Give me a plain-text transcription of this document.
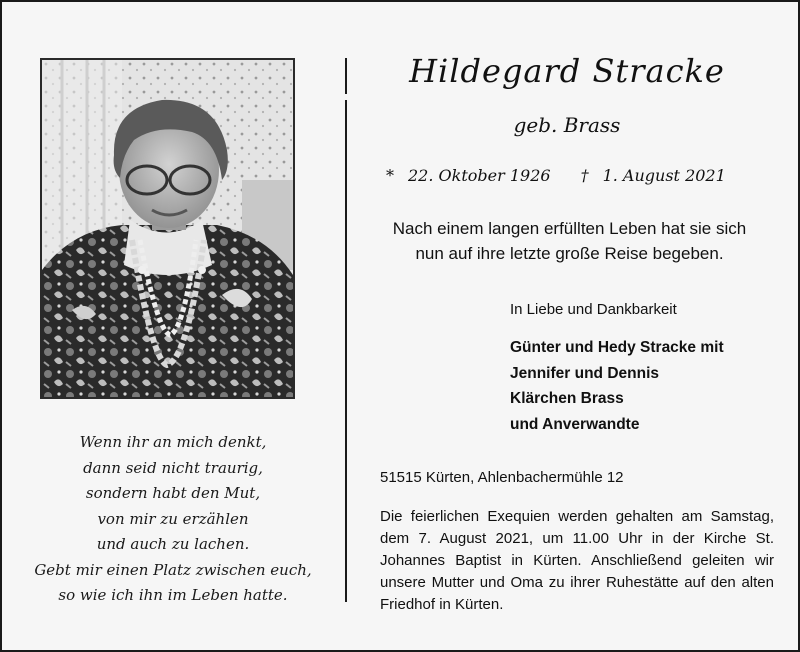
Wenn ihr an mich denkt,
dann seid nicht traurig,
sondern habt den Mut,
von mir zu erzählen
und auch zu lachen.
Gebt mir einen Platz zwischen euch,
so wie ich ihn im Leben hatte.
Hildegard Stracke
geb. Brass
* 22. Oktober 1926 † 1. August 2021
Nach einem langen erfüllten Leben hat sie sich
nun auf ihre letzte große Reise begeben.
In Liebe und Dankbarkeit
Günter und Hedy Stracke mit
Jennifer und Dennis
Klärchen Brass
und Anverwandte
51515 Kürten, Ahlenbachermühle 12
Die feierlichen Exequien werden gehalten am Samstag, dem 7. August 2021, um 11.00 Uhr in der Kirche St. Johannes Baptist in Kürten. Anschließend geleiten wir unsere Mutter und Oma zu ihrer Ruhestätte auf den alten Friedhof in Kürten.
